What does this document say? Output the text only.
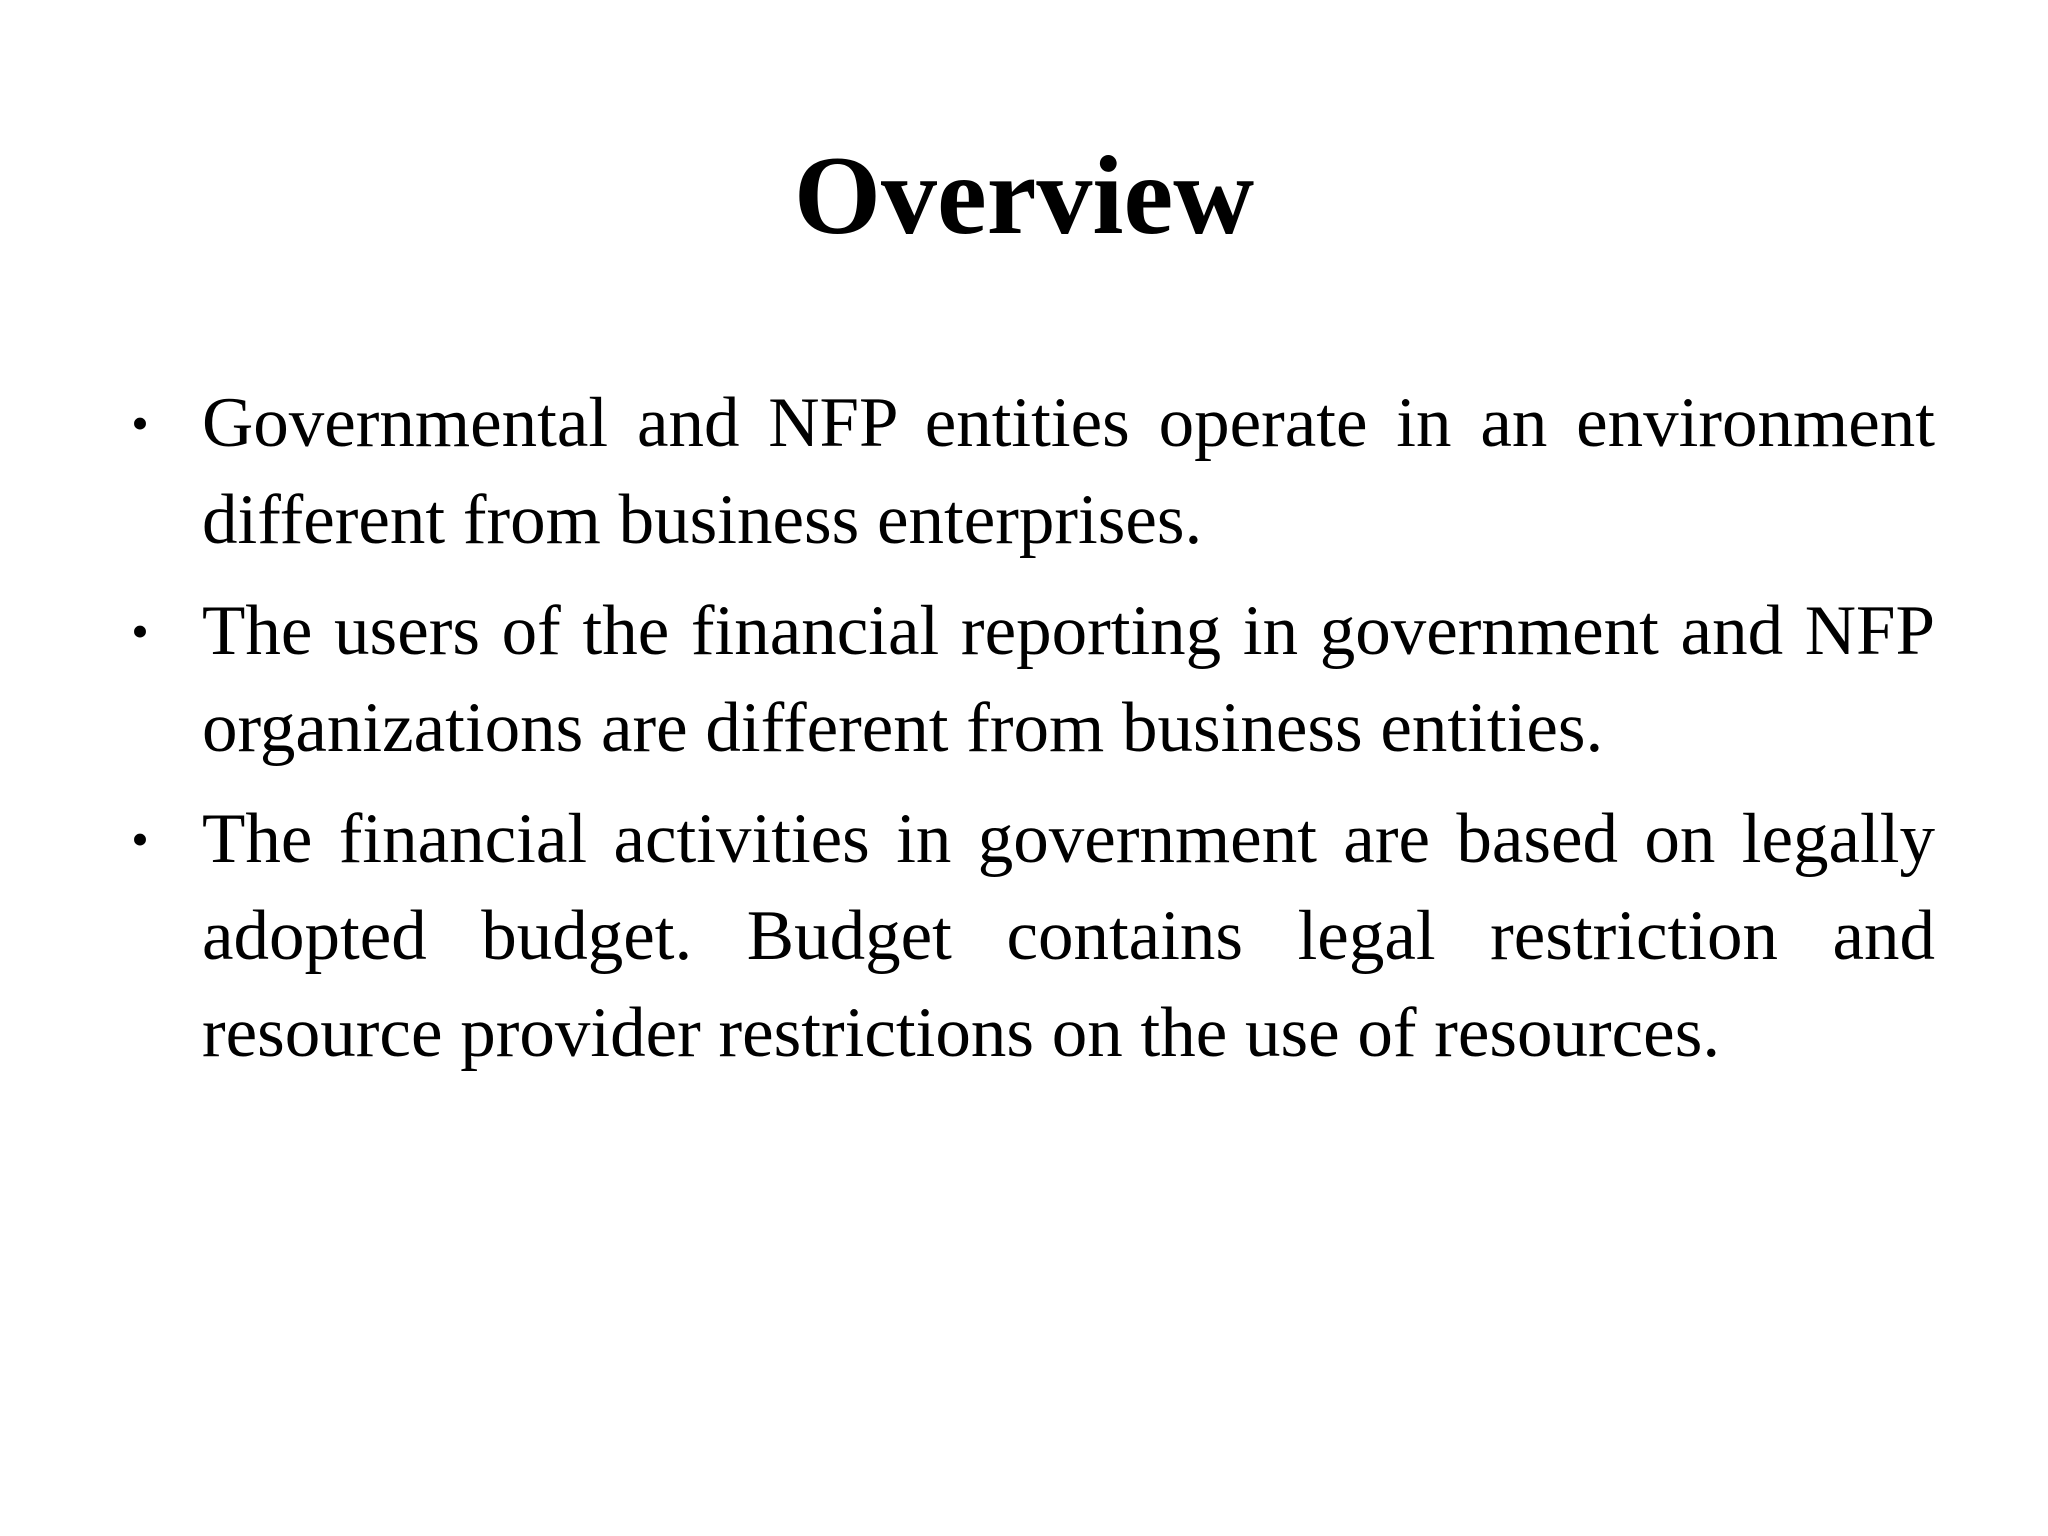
Overview
• Governmental and NFP entities operate in an environment different from business enterprises.
• The users of the financial reporting in government and NFP organizations are different from business entities.
• The financial activities in government are based on legally adopted budget. Budget contains legal restriction and resource provider restrictions on the use of resources.
